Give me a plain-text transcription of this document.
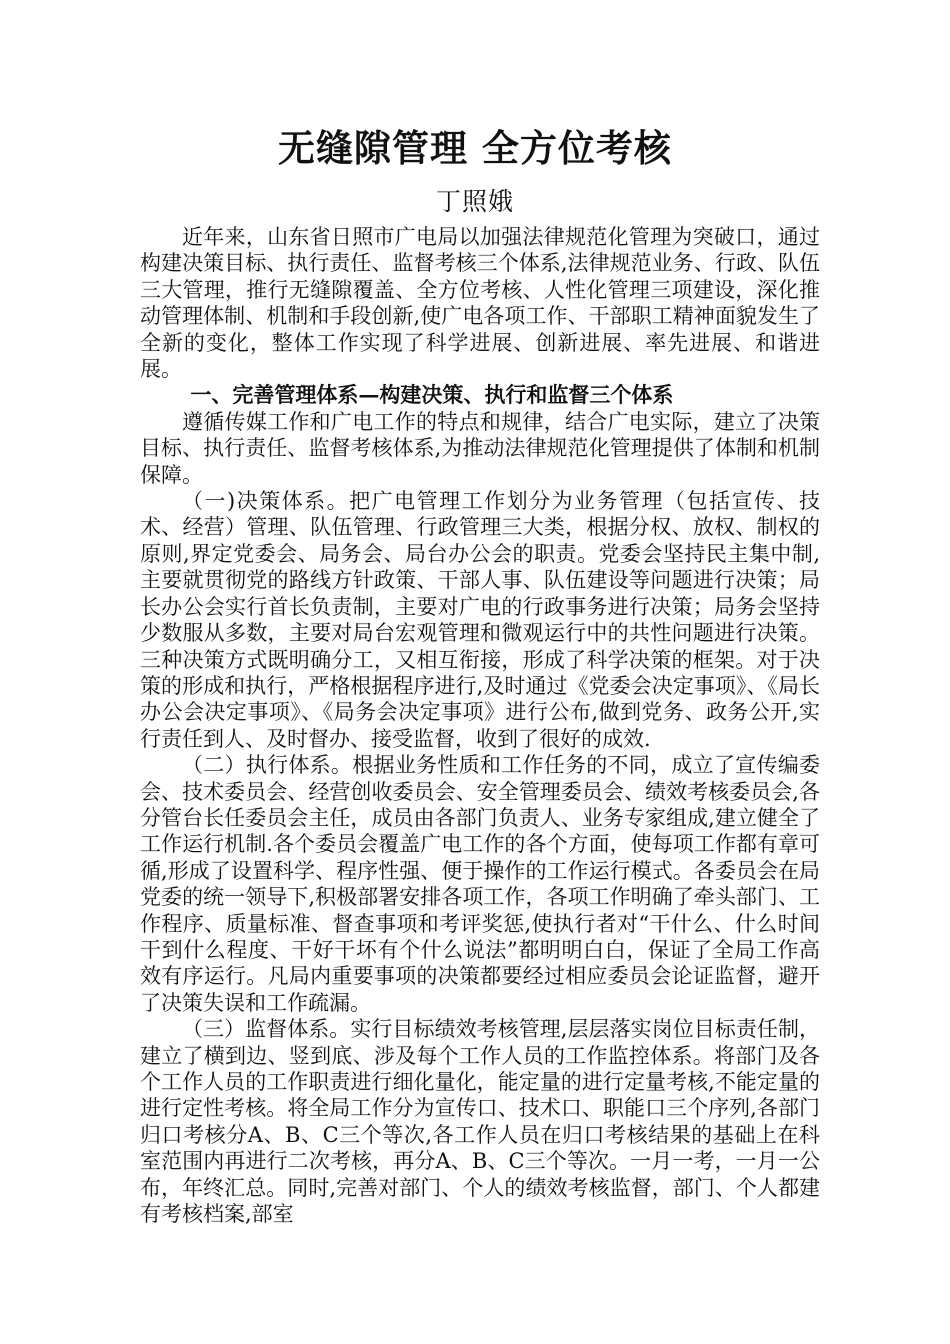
无缝隙管理 全方位考核
丁照娥

近年来，山东省日照市广电局以加强法律规范化管理为突破口，通过构建决策目标、执行责任、监督考核三个体系,法律规范业务、行政、队伍三大管理，推行无缝隙覆盖、全方位考核、人性化管理三项建设，深化推动管理体制、机制和手段创新,使广电各项工作、干部职工精神面貌发生了全新的变化，整体工作实现了科学进展、创新进展、率先进展、和谐进展。

一、完善管理体系—构建决策、执行和监督三个体系

遵循传媒工作和广电工作的特点和规律，结合广电实际，建立了决策目标、执行责任、监督考核体系,为推动法律规范化管理提供了体制和机制保障。

（一)决策体系。把广电管理工作划分为业务管理（包括宣传、技术、经营）管理、队伍管理、行政管理三大类，根据分权、放权、制权的原则,界定党委会、局务会、局台办公会的职责。党委会坚持民主集中制,主要就贯彻党的路线方针政策、干部人事、队伍建设等问题进行决策；局长办公会实行首长负责制，主要对广电的行政事务进行决策；局务会坚持少数服从多数，主要对局台宏观管理和微观运行中的共性问题进行决策。三种决策方式既明确分工，又相互衔接，形成了科学决策的框架。对于决策的形成和执行，严格根据程序进行,及时通过《党委会决定事项》、《局长办公会决定事项》、《局务会决定事项》进行公布,做到党务、政务公开,实行责任到人、及时督办、接受监督，收到了很好的成效.

（二）执行体系。根据业务性质和工作任务的不同，成立了宣传编委会、技术委员会、经营创收委员会、安全管理委员会、绩效考核委员会,各分管台长任委员会主任，成员由各部门负责人、业务专家组成,建立健全了工作运行机制.各个委员会覆盖广电工作的各个方面，使每项工作都有章可循,形成了设置科学、程序性强、便于操作的工作运行模式。各委员会在局党委的统一领导下,积极部署安排各项工作，各项工作明确了牵头部门、工作程序、质量标准、督查事项和考评奖惩,使执行者对“干什么、什么时间干到什么程度、干好干坏有个什么说法”都明明白白，保证了全局工作高效有序运行。凡局内重要事项的决策都要经过相应委员会论证监督，避开了决策失误和工作疏漏。

（三）监督体系。实行目标绩效考核管理,层层落实岗位目标责任制，建立了横到边、竖到底、涉及每个工作人员的工作监控体系。将部门及各个工作人员的工作职责进行细化量化，能定量的进行定量考核,不能定量的进行定性考核。将全局工作分为宣传口、技术口、职能口三个序列,各部门归口考核分A、B、C三个等次,各工作人员在归口考核结果的基础上在科室范围内再进行二次考核，再分A、B、C三个等次。一月一考，一月一公布，年终汇总。同时,完善对部门、个人的绩效考核监督，部门、个人都建有考核档案,部室
